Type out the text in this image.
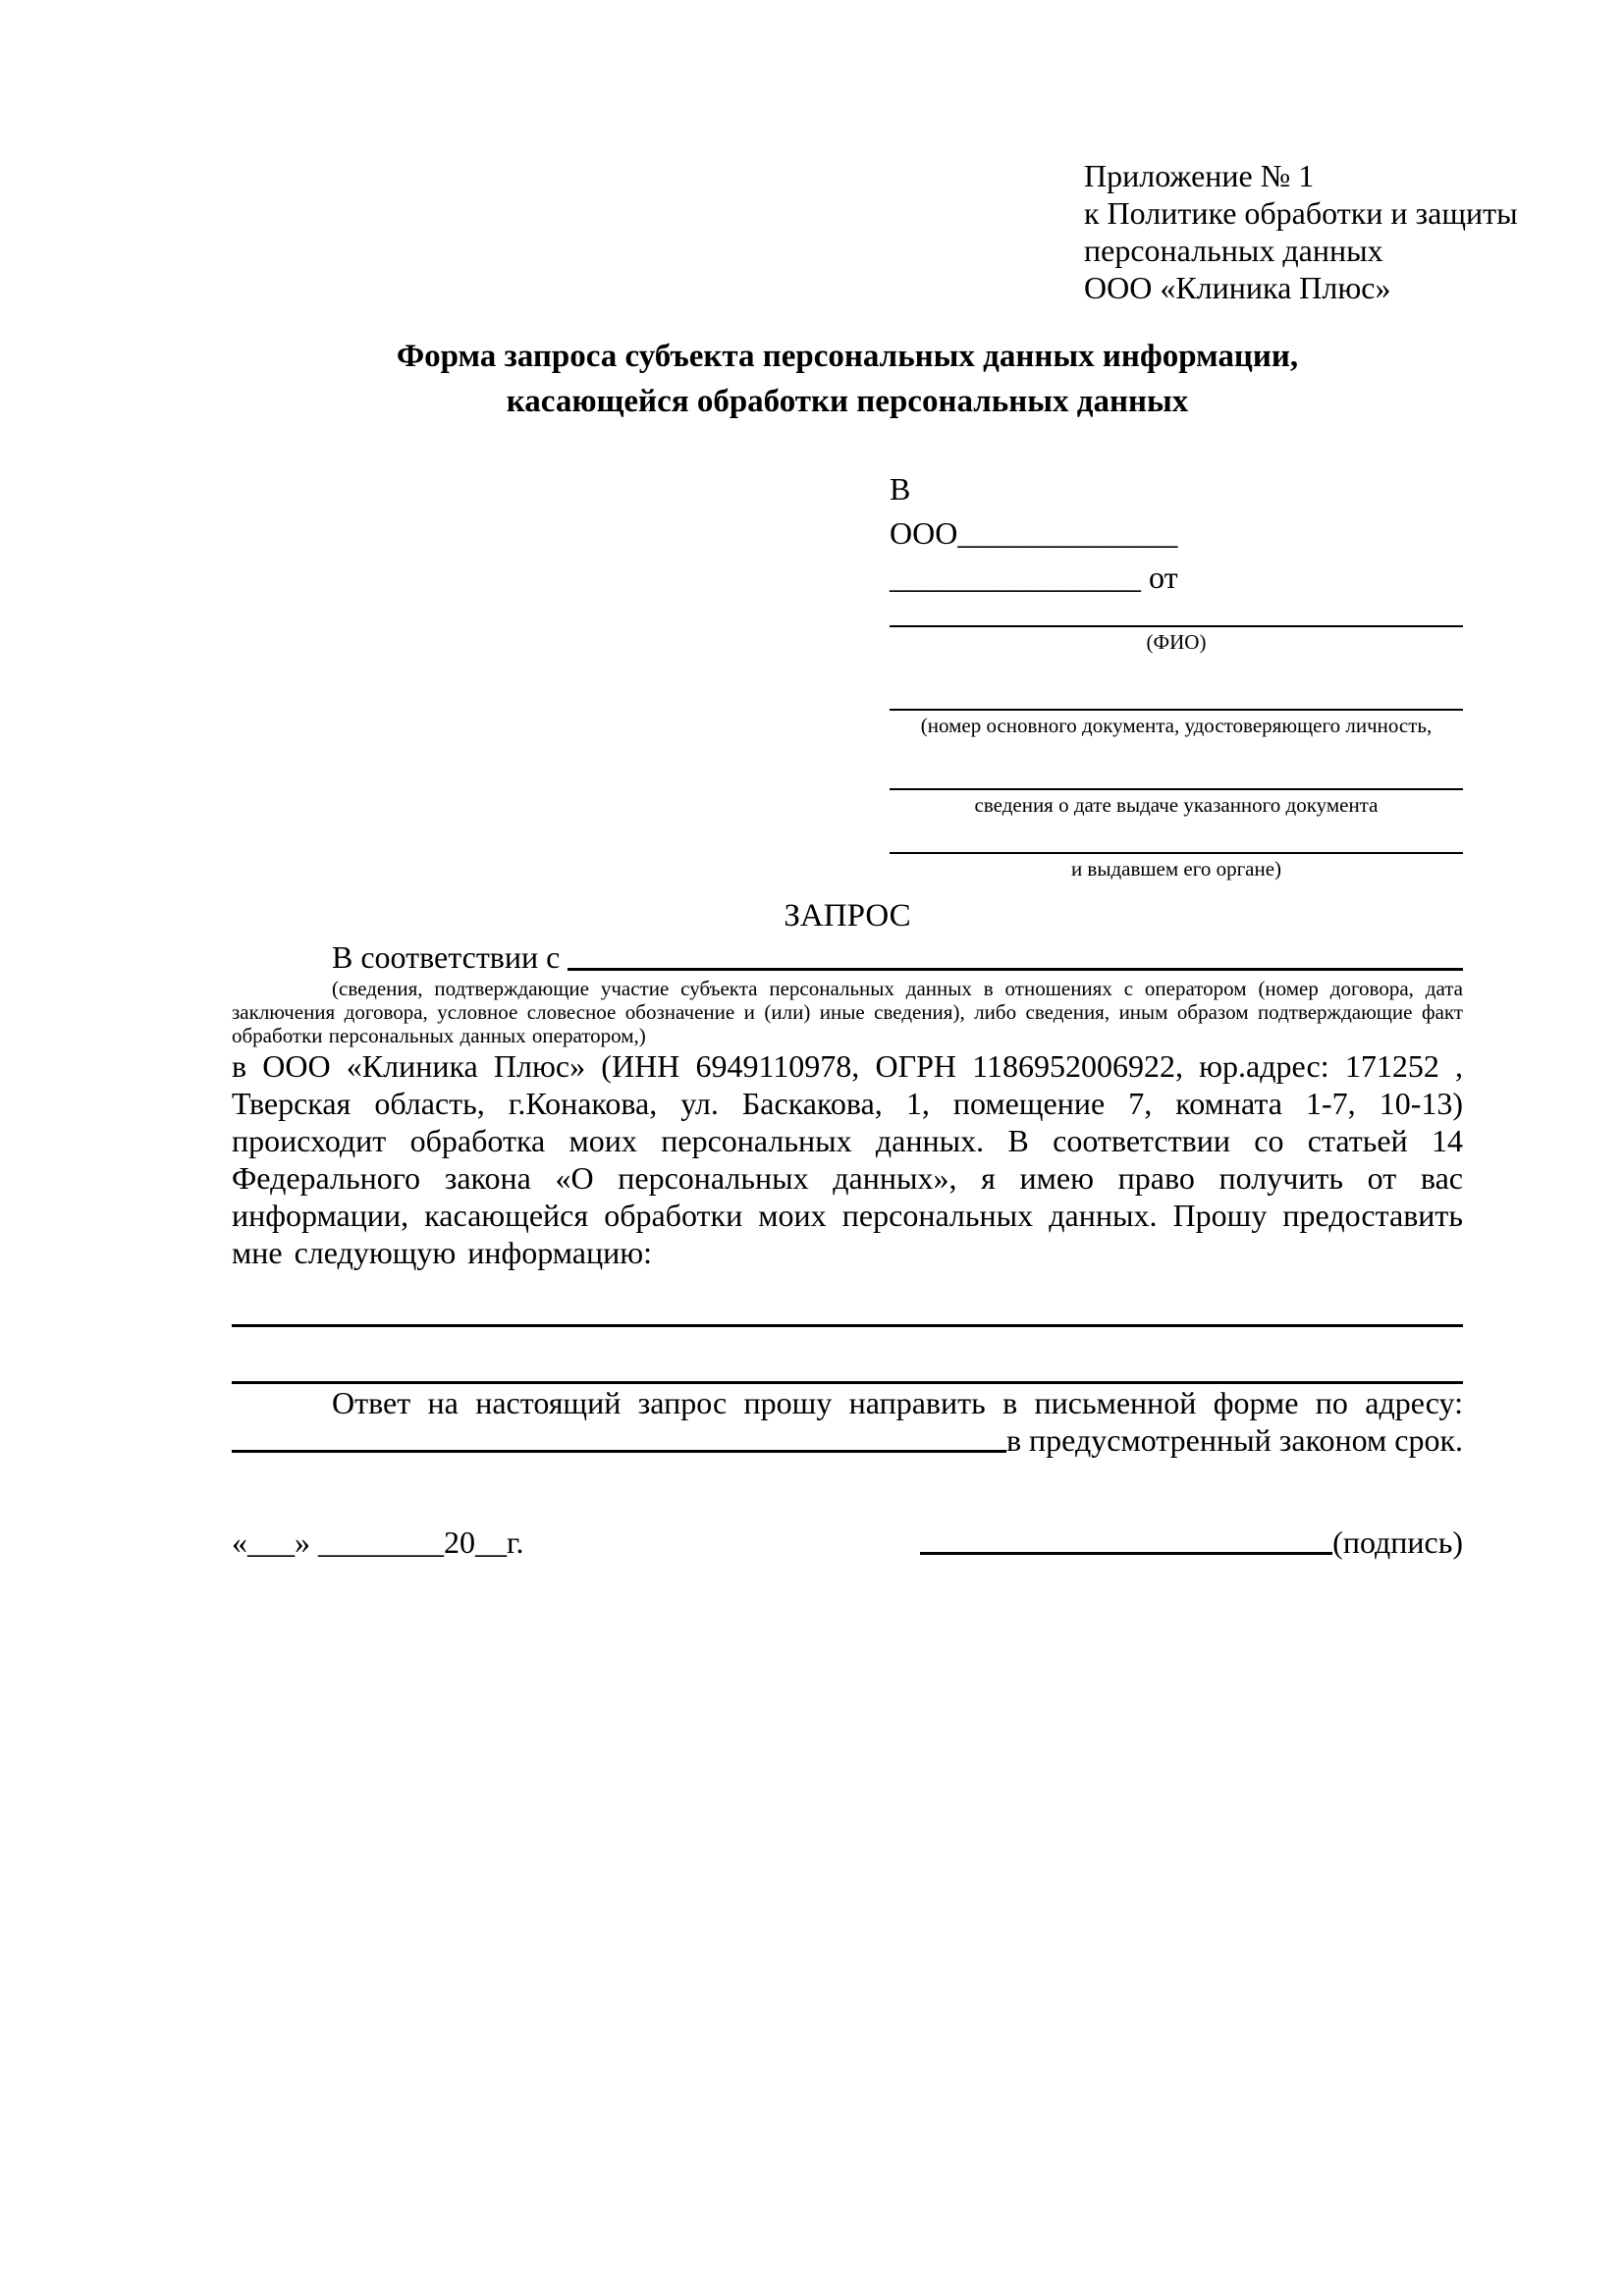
Приложение № 1
к Политике обработки и защиты
персональных данных
ООО «Клиника Плюс»
Форма запроса субъекта персональных данных информации,
касающейся обработки персональных данных
В
ООО______________
________________ от
(ФИО)
(номер основного документа, удостоверяющего личность,
сведения о дате выдаче указанного документа
и выдавшем его органе)
ЗАПРОС
В соответствии с
(сведения, подтверждающие участие субъекта персональных данных в отношениях с оператором (номер договора, дата заключения договора, условное словесное обозначение и (или) иные сведения), либо сведения, иным образом подтверждающие факт обработки персональных данных оператором,)
в ООО «Клиника Плюс» (ИНН 6949110978, ОГРН 1186952006922, юр.адрес: 171252 , Тверская область, г.Конакова, ул. Баскакова, 1, помещение 7, комната 1-7, 10-13) происходит обработка моих персональных данных. В соответствии со статьей 14 Федерального закона «О персональных данных», я имею право получить от вас информации, касающейся обработки моих персональных данных. Прошу предоставить мне следующую информацию:
Ответ на настоящий запрос прошу направить в письменной форме по адресу:
в предусмотренный законом срок.
«___» ________20__г.	(подпись)
